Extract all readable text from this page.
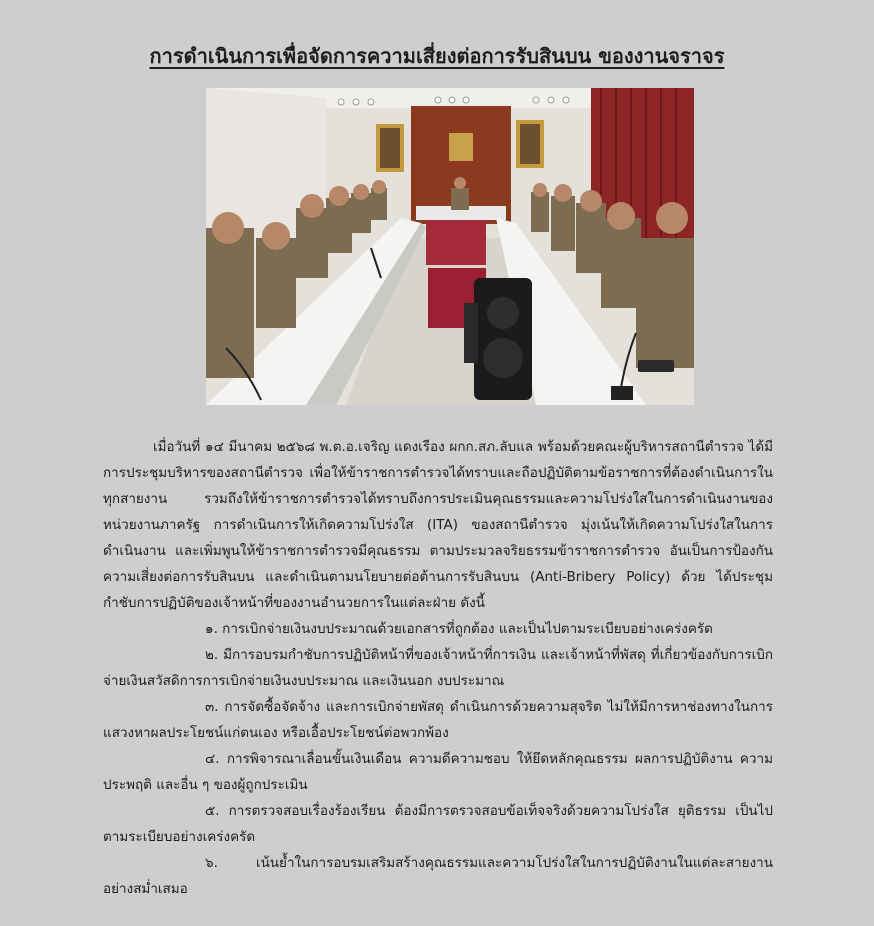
การดำเนินการเพื่อจัดการความเสี่ยงต่อการรับสินบน ของงานจราจร

เมื่อวันที่ ๑๔ มีนาคม ๒๕๖๘ พ.ต.อ.เจริญ แดงเรือง ผกก.สภ.ลับแล พร้อมด้วยคณะผู้บริหารสถานีตำรวจ ได้มีการประชุมบริหารของสถานีตำรวจ เพื่อให้ข้าราชการตำรวจได้ทราบและถือปฏิบัติตามข้อราชการที่ต้องดำเนินการในทุกสายงาน รวมถึงให้ข้าราชการตำรวจได้ทราบถึงการประเมินคุณธรรมและความโปร่งใสในการดำเนินงานของหน่วยงานภาครัฐ การดำเนินการให้เกิดความโปร่งใส (ITA) ของสถานีตำรวจ มุ่งเน้นให้เกิดความโปร่งใสในการดำเนินงาน และเพิ่มพูนให้ข้าราชการตำรวจมีคุณธรรม ตามประมวลจริยธรรมข้าราชการตำรวจ อันเป็นการป้องกันความเสี่ยงต่อการรับสินบน และดำเนินตามนโยบายต่อต้านการรับสินบน (Anti-Bribery Policy) ด้วย ได้ประชุมกำชับการปฏิบัติของเจ้าหน้าที่ของงานอำนวยการในแต่ละฝ่าย ดังนี้

๑. การเบิกจ่ายเงินงบประมาณด้วยเอกสารที่ถูกต้อง และเป็นไปตามระเบียบอย่างเคร่งครัด

๒. มีการอบรมกำชับการปฏิบัติหน้าที่ของเจ้าหน้าที่การเงิน และเจ้าหน้าที่พัสดุ ที่เกี่ยวข้องกับการเบิกจ่ายเงินสวัสดิการการเบิกจ่ายเงินงบประมาณ และเงินนอก งบประมาณ

๓. การจัดซื้อจัดจ้าง และการเบิกจ่ายพัสดุ ดำเนินการด้วยความสุจริต ไม่ให้มีการหาช่องทางในการแสวงหาผลประโยชน์แก่ตนเอง หรือเอื้อประโยชน์ต่อพวกพ้อง

๔. การพิจารณาเลื่อนขั้นเงินเดือน ความดีความชอบ ให้ยึดหลักคุณธรรม ผลการปฏิบัติงาน ความประพฤติ และอื่น ๆ ของผู้ถูกประเมิน

๕. การตรวจสอบเรื่องร้องเรียน ต้องมีการตรวจสอบข้อเท็จจริงด้วยความโปร่งใส ยุติธรรม เป็นไปตามระเบียบอย่างเคร่งครัด

๖. เน้นย้ำในการอบรมเสริมสร้างคุณธรรมและความโปร่งใสในการปฏิบัติงานในแต่ละสายงาน อย่างสม่ำเสมอ
